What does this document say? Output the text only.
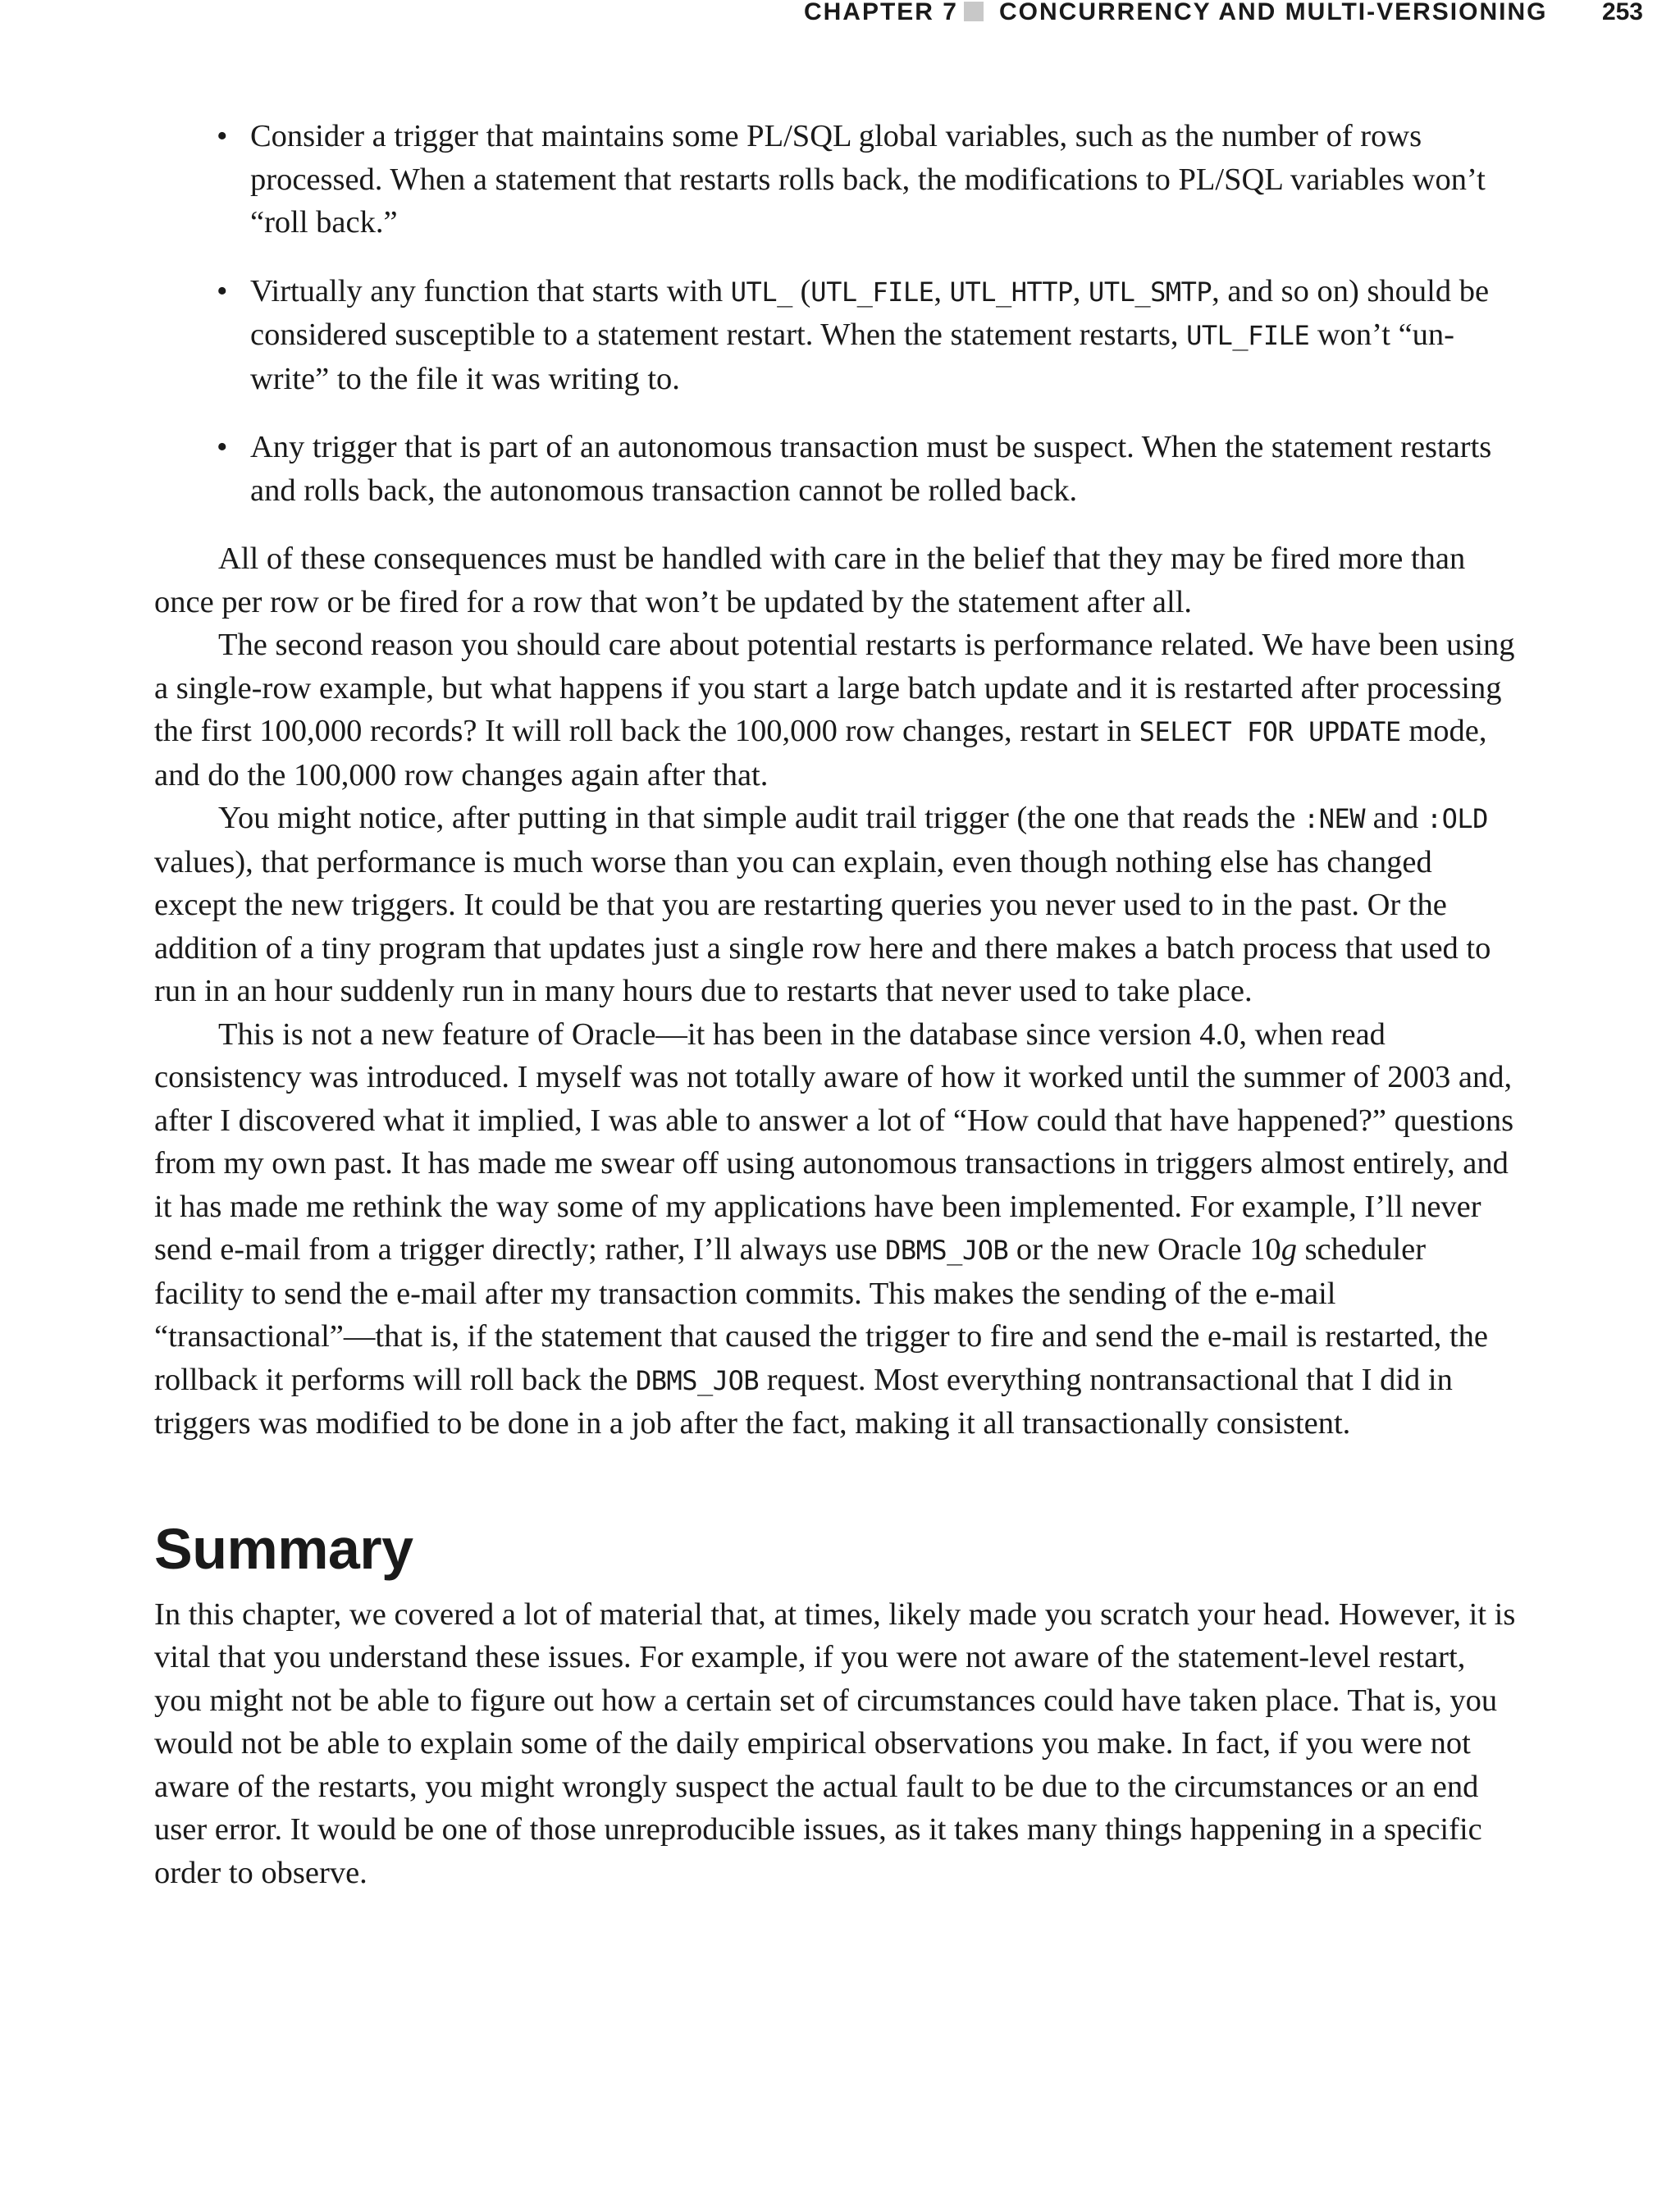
CHAPTER 7 CONCURRENCY AND MULTI-VERSIONING 253
• Consider a trigger that maintains some PL/SQL global variables, such as the number of rows processed. When a statement that restarts rolls back, the modifications to PL/SQL variables won’t “roll back.”
• Virtually any function that starts with UTL_ (UTL_FILE, UTL_HTTP, UTL_SMTP, and so on) should be considered susceptible to a statement restart. When the statement restarts, UTL_FILE won’t “un-write” to the file it was writing to.
• Any trigger that is part of an autonomous transaction must be suspect. When the statement restarts and rolls back, the autonomous transaction cannot be rolled back.

All of these consequences must be handled with care in the belief that they may be fired more than once per row or be fired for a row that won’t be updated by the statement after all.

The second reason you should care about potential restarts is performance related. We have been using a single-row example, but what happens if you start a large batch update and it is restarted after processing the first 100,000 records? It will roll back the 100,000 row changes, restart in SELECT FOR UPDATE mode, and do the 100,000 row changes again after that.

You might notice, after putting in that simple audit trail trigger (the one that reads the :NEW and :OLD values), that performance is much worse than you can explain, even though nothing else has changed except the new triggers. It could be that you are restarting queries you never used to in the past. Or the addition of a tiny program that updates just a single row here and there makes a batch process that used to run in an hour suddenly run in many hours due to restarts that never used to take place.

This is not a new feature of Oracle—it has been in the database since version 4.0, when read consistency was introduced. I myself was not totally aware of how it worked until the summer of 2003 and, after I discovered what it implied, I was able to answer a lot of “How could that have happened?” questions from my own past. It has made me swear off using autonomous transactions in triggers almost entirely, and it has made me rethink the way some of my applications have been implemented. For example, I’ll never send e-mail from a trigger directly; rather, I’ll always use DBMS_JOB or the new Oracle 10g scheduler facility to send the e-mail after my transaction commits. This makes the sending of the e-mail “transactional”—that is, if the statement that caused the trigger to fire and send the e-mail is restarted, the rollback it performs will roll back the DBMS_JOB request. Most everything nontransactional that I did in triggers was modified to be done in a job after the fact, making it all transactionally consistent.

Summary

In this chapter, we covered a lot of material that, at times, likely made you scratch your head. However, it is vital that you understand these issues. For example, if you were not aware of the statement-level restart, you might not be able to figure out how a certain set of circumstances could have taken place. That is, you would not be able to explain some of the daily empirical observations you make. In fact, if you were not aware of the restarts, you might wrongly suspect the actual fault to be due to the circumstances or an end user error. It would be one of those unreproducible issues, as it takes many things happening in a specific order to observe.
